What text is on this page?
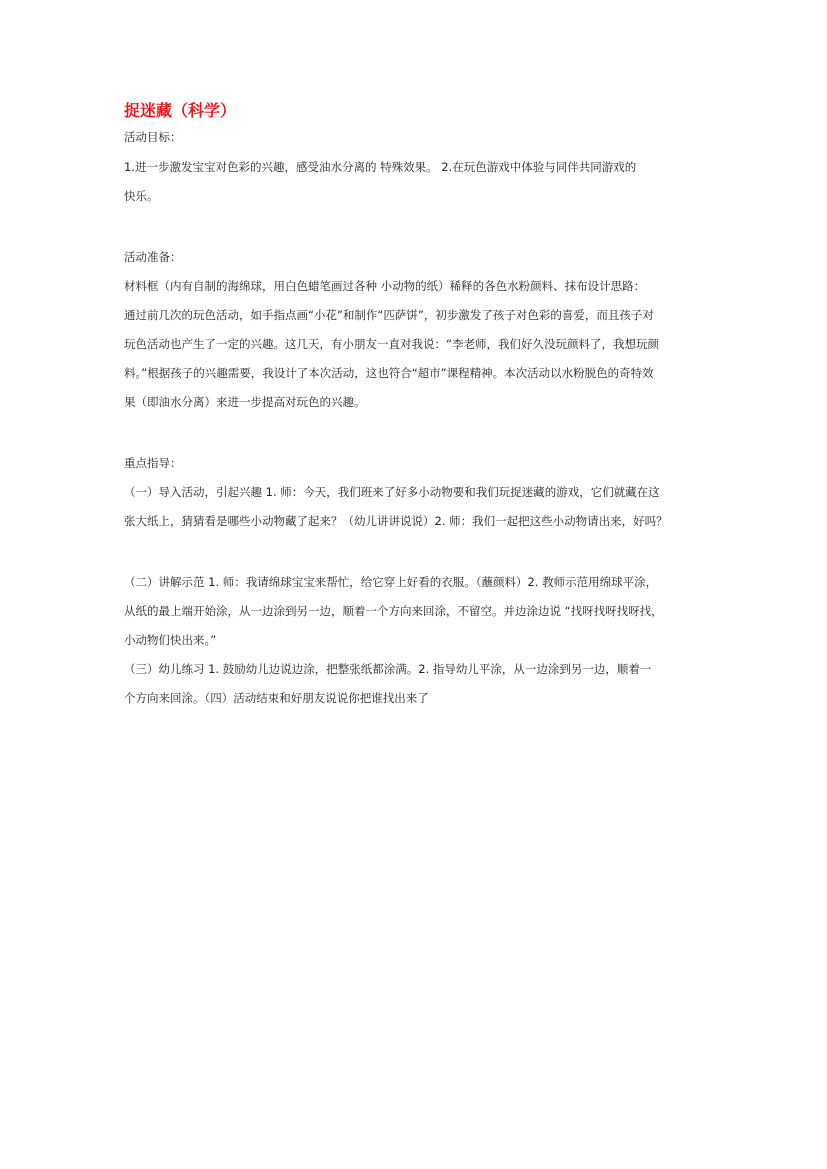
捉迷藏（科学）

活动目标：

1.进一步激发宝宝对色彩的兴趣，感受油水分离的 特殊效果。 2.在玩色游戏中体验与同伴共同游戏的

快乐。

活动准备：

材料框（内有自制的海绵球，用白色蜡笔画过各种 小动物的纸）稀释的各色水粉颜料、抹布设计思路：

通过前几次的玩色活动，如手指点画“小花”和制作“匹萨饼”，初步激发了孩子对色彩的喜爱，而且孩子对

玩色活动也产生了一定的兴趣。这几天，有小朋友一直对我说：“李老师，我们好久没玩颜料了，我想玩颜

料。”根据孩子的兴趣需要，我设计了本次活动，这也符合“超市”课程精神。本次活动以水粉脱色的奇特效

果（即油水分离）来进一步提高对玩色的兴趣。

重点指导：

（一）导入活动，引起兴趣 1. 师：今天，我们班来了好多小动物要和我们玩捉迷藏的游戏，它们就藏在这

张大纸上，猜猜看是哪些小动物藏了起来？（幼儿讲讲说说）2. 师：我们一起把这些小动物请出来，好吗？

（二）讲解示范 1. 师：我请绵球宝宝来帮忙，给它穿上好看的衣服。（蘸颜料）2. 教师示范用绵球平涂，

从纸的最上端开始涂，从一边涂到另一边，顺着一个方向来回涂，不留空。并边涂边说 “找呀找呀找呀找，

小动物们快出来。”

（三）幼儿练习 1. 鼓励幼儿边说边涂，把整张纸都涂满。2. 指导幼儿平涂，从一边涂到另一边，顺着一

个方向来回涂。（四）活动结束和好朋友说说你把谁找出来了
